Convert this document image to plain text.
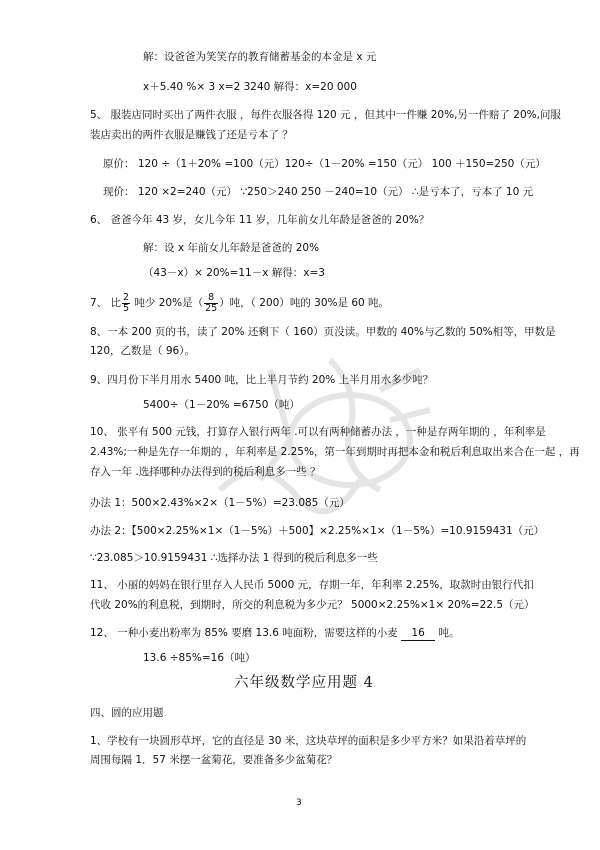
解：设爸爸为笑笑存的教育储蓄基金的本金是 x 元
x＋5.40 %× 3 x=2 3240 解得：x=20 000
5、 服装店同时买出了两件衣服 ，每件衣服各得 120 元 ，但其中一件赚 20%,另一件赔了 20%,问服
装店卖出的两件衣服是赚钱了还是亏本了 ？
原价： 120 ÷（1＋20% =100（元）120÷（1－20% =150（元） 100 ＋150=250（元）
现价： 120 ×2=240（元） ∵250＞240 250 －240=10（元） ∴是亏本了，亏本了 10 元
6、 爸爸今年 43 岁，女儿今年 11 岁，几年前女儿年龄是爸爸的 20%？
解：设 x 年前女儿年龄是爸爸的 20%
（43－x）× 20%=11－x 解得：x=3
7、 比 $\frac{2}{5}$ 吨少 20%是（ $\frac{8}{25}$ ）吨，（ 200）吨的 30%是 60 吨。
8、一本 200 页的书，读了 20% 还剩下（ 160）页没读。甲数的 40%与乙数的 50%相等，甲数是
120，乙数是（ 96）。
9、四月份下半月用水 5400 吨，比上半月节约 20% 上半月用水多少吨？
5400÷（1－20% =6750（吨）
10、 张平有 500 元钱，打算存入银行两年 .可以有两种储蓄办法 ，一种是存两年期的 ，年利率是
2.43%;一种是先存一年期的 ，年利率是 2.25%，第一年到期时再把本金和税后利息取出来合在一起 ，再
存入一年 .选择哪种办法得到的税后利息多一些 ？
办法 1：500×2.43%×2×（1－5%）=23.085（元）
办法 2：【500×2.25%×1×（1－5%）＋500】×2.25%×1×（1－5%）=10.9159431（元）
∵23.085＞10.9159431 ∴选择办法 1 得到的税后利息多一些
11、 小丽的妈妈在银行里存入人民币 5000 元，存期一年，年利率 2.25%，取款时由银行代扣
代收 20%的利息税，到期时，所交的利息税为多少元？ 5000×2.25%×1× 20%=22.5（元）
12、 一种小麦出粉率为 85% 要磨 13.6 吨面粉，需要这样的小麦 16 吨。
13.6 ÷85%=16（吨）
六年级数学应用题 4
四、圆的应用题
1、学校有一块圆形草坪，它的直径是 30 米，这块草坪的面积是多少平方米？如果沿着草坪的
周围每隔 1．57 米摆一盆菊花，要准备多少盆菊花？
3
